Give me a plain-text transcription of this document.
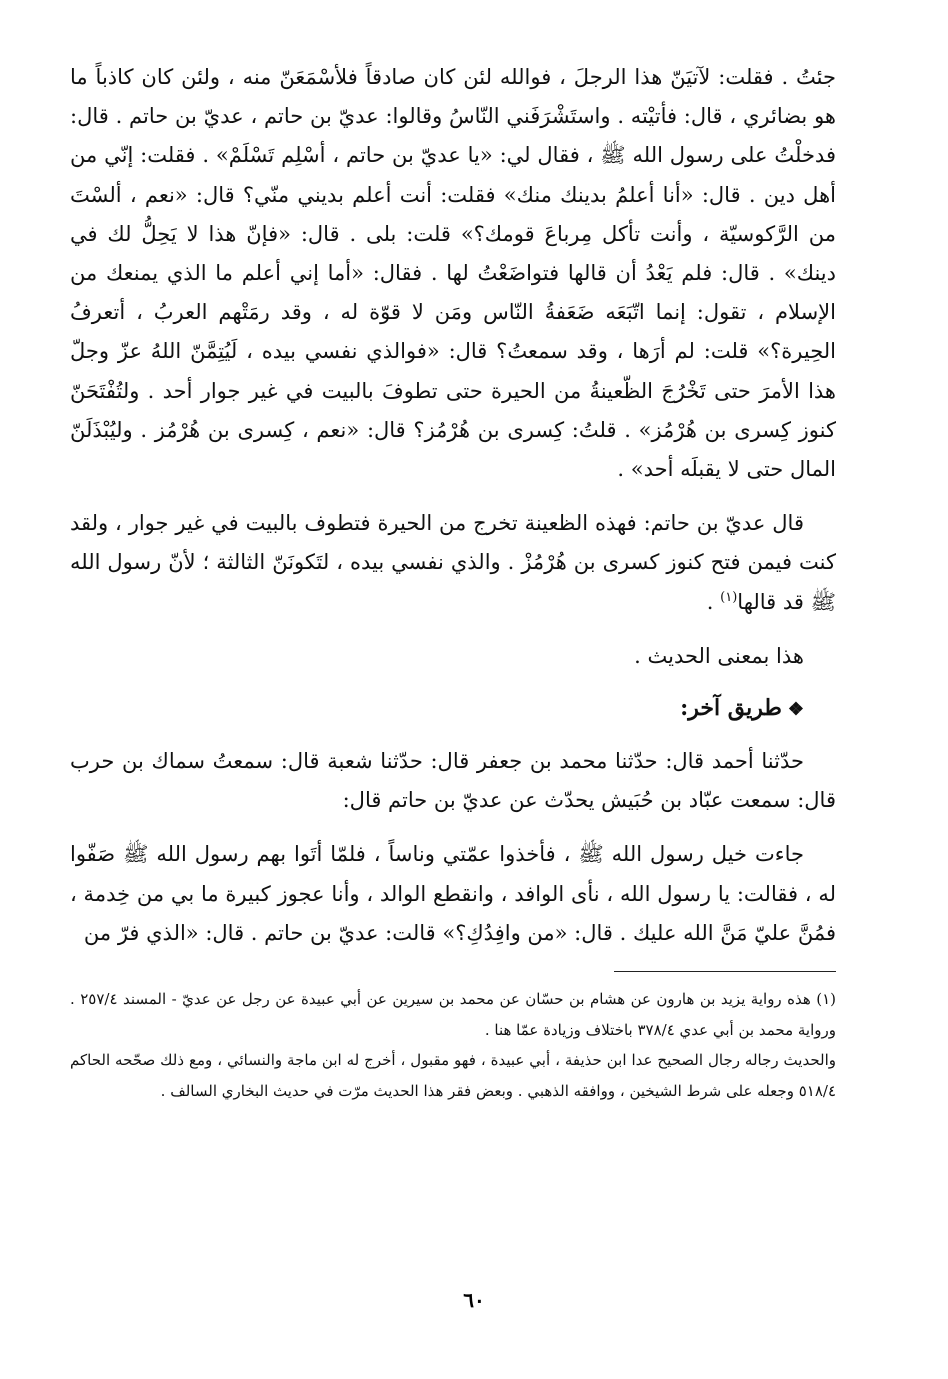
جئتُ . فقلت: لآتيَنّ هذا الرجلَ ، فوالله لئن كان صادقاً فلأسْمَعَنّ منه ، ولئن كان كاذباً ما هو بضائري ، قال: فأتيْته . واستَشْرَفَني النّاسُ وقالوا: عديّ بن حاتم ، عديّ بن حاتم . قال: فدخلْتُ على رسول الله ﷺ ، فقال لي: «يا عديّ بن حاتم ، أسْلِم تَسْلَمْ» . فقلت: إنّي من أهل دين . قال: «أنا أعلمُ بدينك منك» فقلت: أنت أعلم بديني منّي؟ قال: «نعم ، ألسْتَ من الرَّكوسيّة ، وأنت تأكل مِرباعَ قومك؟» قلت: بلى . قال: «فإنّ هذا لا يَحِلُّ لك في دينك» . قال: فلم يَعْدُ أن قالها فتواضَعْتُ لها . فقال: «أما إني أعلم ما الذي يمنعك من الإسلام ، تقول: إنما اتّبَعَه ضَعَفةُ النّاس ومَن لا قوّة له ، وقد رمَتْهم العربُ ، أتعرفُ الحِيرة؟» قلت: لم أرَها ، وقد سمعتُ؟ قال: «فوالذي نفسي بيده ، لَيُتِمَّنّ اللهُ عزّ وجلّ هذا الأمرَ حتى تَخْرُجَ الظّعينةُ من الحيرة حتى تطوفَ بالبيت في غير جوار أحد . ولتُفْتَحَنّ كنوز كِسرى بن هُرْمُز» . قلتُ: كِسرى بن هُرْمُز؟ قال: «نعم ، كِسرى بن هُرْمُز . وليُبْذَلَنّ المال حتى لا يقبلَه أحد» .

قال عديّ بن حاتم: فهذه الظعينة تخرج من الحيرة فتطوف بالبيت في غير جوار ، ولقد كنت فيمن فتح كنوز كسرى بن هُرْمُزْ . والذي نفسي بيده ، لتَكونَنّ الثالثة ؛ لأنّ رسول الله ﷺ قد قالها$^{(١)}$ .

هذا بمعنى الحديث .

❖طريق آخر:

حدّثنا أحمد قال: حدّثنا محمد بن جعفر قال: حدّثنا شعبة قال: سمعتُ سماك بن حرب قال: سمعت عبّاد بن حُبَيش يحدّث عن عديّ بن حاتم قال:

جاءت خيل رسول الله ﷺ ، فأخذوا عمّتي وناساً ، فلمّا أتَوا بهم رسول الله ﷺ صَفّوا له ، فقالت: يا رسول الله ، نأى الوافد ، وانقطع الوالد ، وأنا عجوز كبيرة ما بي من خِدمة ، فمُنَّ عليّ مَنَّ الله عليك . قال: «من وافِدُكِ؟» قالت: عديّ بن حاتم . قال: «الذي فرّ من

(١) هذه رواية يزيد بن هارون عن هشام بن حسّان عن محمد بن سيرين عن أبي عبيدة عن رجل عن عديّ - المسند ٢٥٧/٤ . ورواية محمد بن أبي عدي ٣٧٨/٤ باختلاف وزيادة عمّا هنا .

والحديث رجاله رجال الصحيح عدا ابن حذيفة ، أبي عبيدة ، فهو مقبول ، أخرج له ابن ماجة والنسائي ، ومع ذلك صحّحه الحاكم ٥١٨/٤ وجعله على شرط الشيخين ، ووافقه الذهبي . وبعض فقر هذا الحديث مرّت في حديث البخاري السالف .

٦٠
